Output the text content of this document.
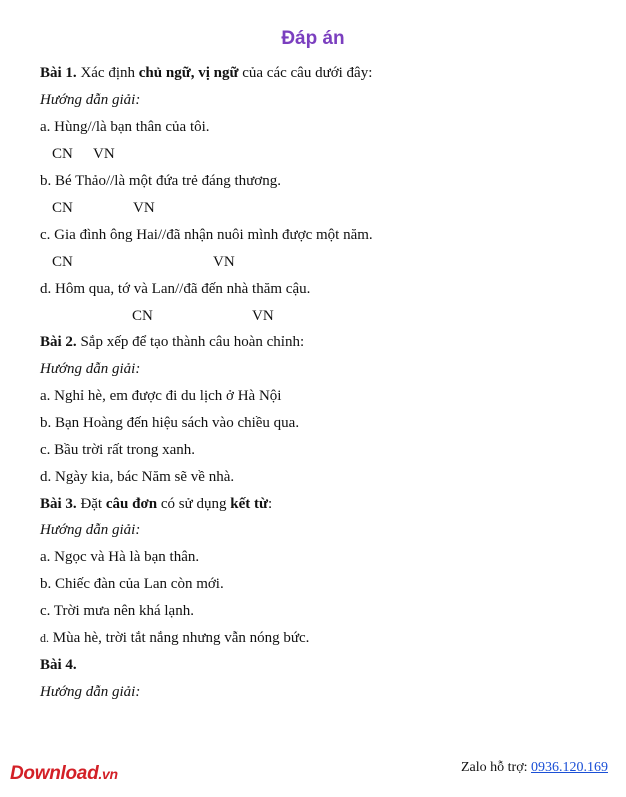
Đáp án
Bài 1. Xác định chủ ngữ, vị ngữ của các câu dưới đây:
Hướng dẫn giải:
a. Hùng//là bạn thân của tôi.
CN VN
b. Bé Thảo//là một đứa trẻ đáng thương.
CN	VN
c. Gia đình ông Hai//đã nhận nuôi mình được một năm.
CN	VN
d. Hôm qua, tớ và Lan//đã đến nhà thăm cậu.
CN	VN
Bài 2. Sắp xếp để tạo thành câu hoàn chỉnh:
Hướng dẫn giải:
a. Nghỉ hè, em được đi du lịch ở Hà Nội
b. Bạn Hoàng đến hiệu sách vào chiều qua.
c. Bầu trời rất trong xanh.
d. Ngày kia, bác Năm sẽ về nhà.
Bài 3. Đặt câu đơn có sử dụng kết từ:
Hướng dẫn giải:
a. Ngọc và Hà là bạn thân.
b. Chiếc đàn của Lan còn mới.
c. Trời mưa nên khá lạnh.
d. Mùa hè, trời tắt nắng nhưng vẫn nóng bức.
Bài 4.
Hướng dẫn giải:
Download.vn	Zalo hỗ trợ: 0936.120.169
